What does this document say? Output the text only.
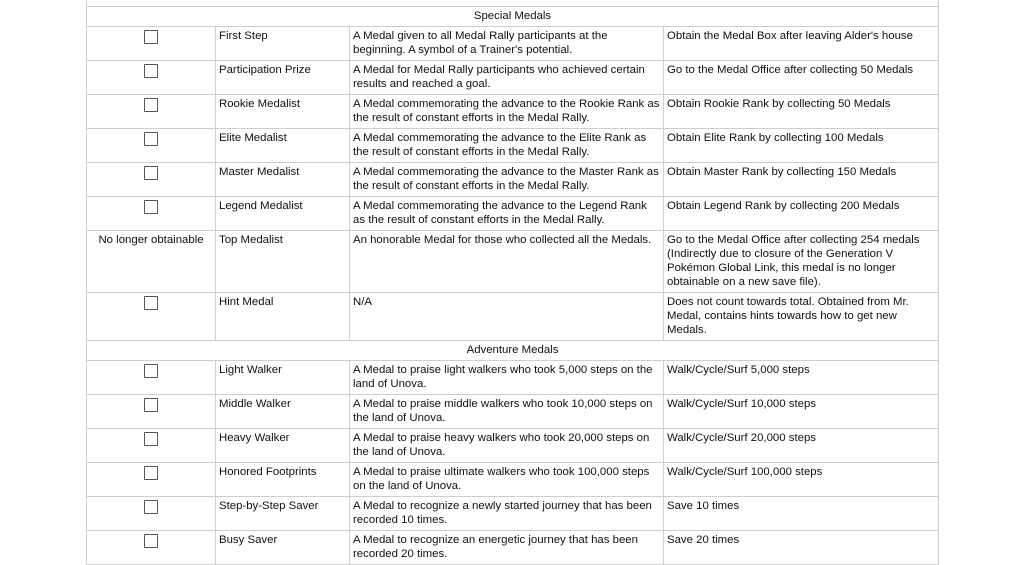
Special Medals			
	First Step	A Medal given to all Medal Rally participants at the beginning. A symbol of a Trainer's potential.	Obtain the Medal Box after leaving Alder's house
	Participation Prize	A Medal for Medal Rally participants who achieved certain results and reached a goal.	Go to the Medal Office after collecting 50 Medals
	Rookie Medalist	A Medal commemorating the advance to the Rookie Rank as the result of constant efforts in the Medal Rally.	Obtain Rookie Rank by collecting 50 Medals
	Elite Medalist	A Medal commemorating the advance to the Elite Rank as the result of constant efforts in the Medal Rally.	Obtain Elite Rank by collecting 100 Medals
	Master Medalist	A Medal commemorating the advance to the Master Rank as the result of constant efforts in the Medal Rally.	Obtain Master Rank by collecting 150 Medals
	Legend Medalist	A Medal commemorating the advance to the Legend Rank as the result of constant efforts in the Medal Rally.	Obtain Legend Rank by collecting 200 Medals
No longer obtainable	Top Medalist	An honorable Medal for those who collected all the Medals.	Go to the Medal Office after collecting 254 medals (Indirectly due to closure of the Generation V Pokémon Global Link, this medal is no longer obtainable on a new save file).
	Hint Medal	N/A	Does not count towards total. Obtained from Mr. Medal, contains hints towards how to get new Medals.
Adventure Medals			
	Light Walker	A Medal to praise light walkers who took 5,000 steps on the land of Unova.	Walk/Cycle/Surf 5,000 steps
	Middle Walker	A Medal to praise middle walkers who took 10,000 steps on the land of Unova.	Walk/Cycle/Surf 10,000 steps
	Heavy Walker	A Medal to praise heavy walkers who took 20,000 steps on the land of Unova.	Walk/Cycle/Surf 20,000 steps
	Honored Footprints	A Medal to praise ultimate walkers who took 100,000 steps on the land of Unova.	Walk/Cycle/Surf 100,000 steps
	Step-by-Step Saver	A Medal to recognize a newly started journey that has been recorded 10 times.	Save 10 times
	Busy Saver	A Medal to recognize an energetic journey that has been recorded 20 times.	Save 20 times
